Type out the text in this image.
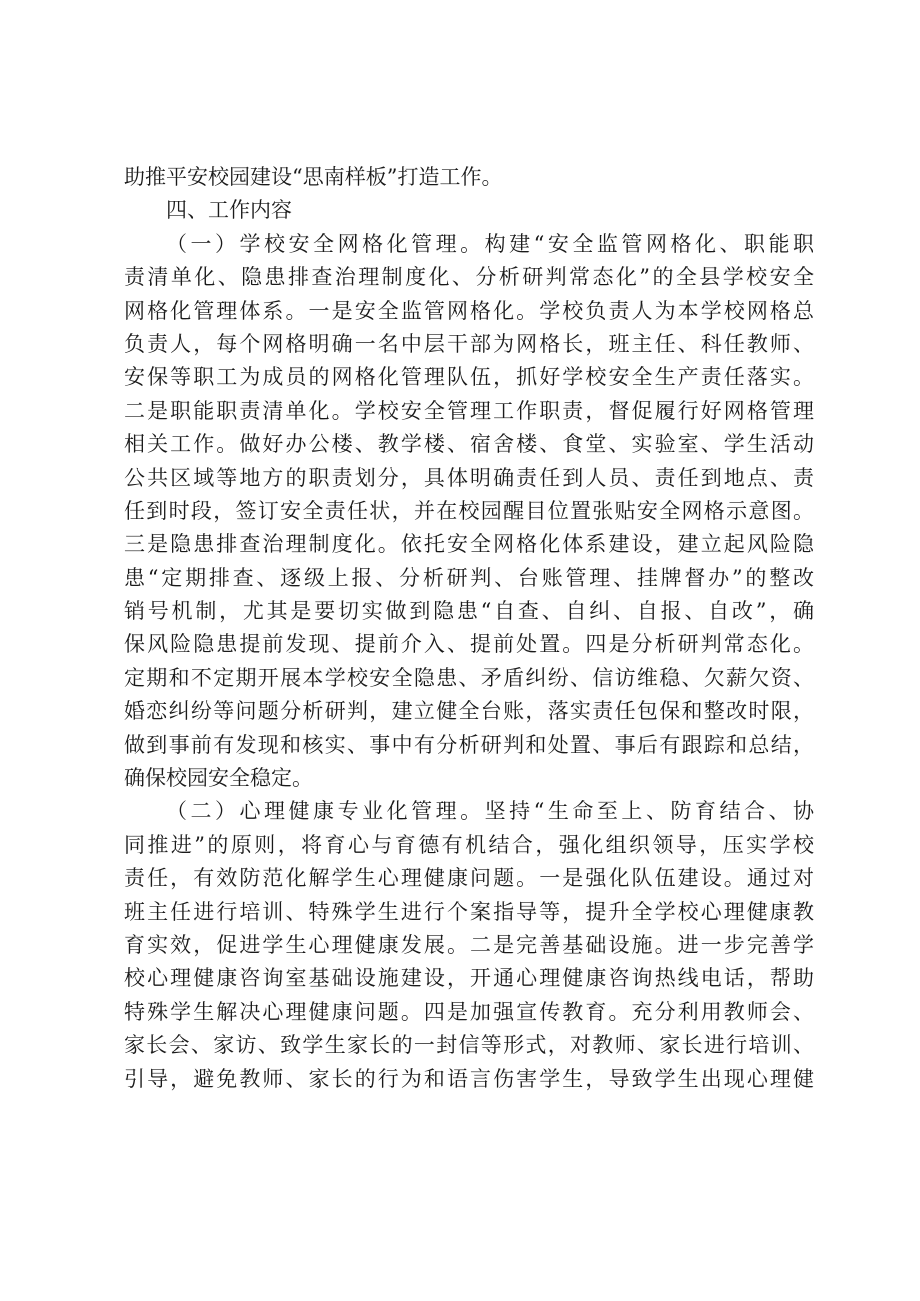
助推平安校园建设“思南样板”打造工作。
四、工作内容
（一）学校安全网格化管理。构建“安全监管网格化、职能职
责清单化、隐患排查治理制度化、分析研判常态化”的全县学校安全
网格化管理体系。一是安全监管网格化。学校负责人为本学校网格总
负责人，每个网格明确一名中层干部为网格长，班主任、科任教师、
安保等职工为成员的网格化管理队伍，抓好学校安全生产责任落实。
二是职能职责清单化。学校安全管理工作职责，督促履行好网格管理
相关工作。做好办公楼、教学楼、宿舍楼、食堂、实验室、学生活动
公共区域等地方的职责划分，具体明确责任到人员、责任到地点、责
任到时段，签订安全责任状，并在校园醒目位置张贴安全网格示意图。
三是隐患排查治理制度化。依托安全网格化体系建设，建立起风险隐
患“定期排查、逐级上报、分析研判、台账管理、挂牌督办”的整改
销号机制，尤其是要切实做到隐患“自查、自纠、自报、自改”，确
保风险隐患提前发现、提前介入、提前处置。四是分析研判常态化。
定期和不定期开展本学校安全隐患、矛盾纠纷、信访维稳、欠薪欠资、
婚恋纠纷等问题分析研判，建立健全台账，落实责任包保和整改时限，
做到事前有发现和核实、事中有分析研判和处置、事后有跟踪和总结，
确保校园安全稳定。
（二）心理健康专业化管理。坚持“生命至上、防育结合、协
同推进”的原则，将育心与育德有机结合，强化组织领导，压实学校
责任，有效防范化解学生心理健康问题。一是强化队伍建设。通过对
班主任进行培训、特殊学生进行个案指导等，提升全学校心理健康教
育实效，促进学生心理健康发展。二是完善基础设施。进一步完善学
校心理健康咨询室基础设施建设，开通心理健康咨询热线电话，帮助
特殊学生解决心理健康问题。四是加强宣传教育。充分利用教师会、
家长会、家访、致学生家长的一封信等形式，对教师、家长进行培训、
引导，避免教师、家长的行为和语言伤害学生，导致学生出现心理健
